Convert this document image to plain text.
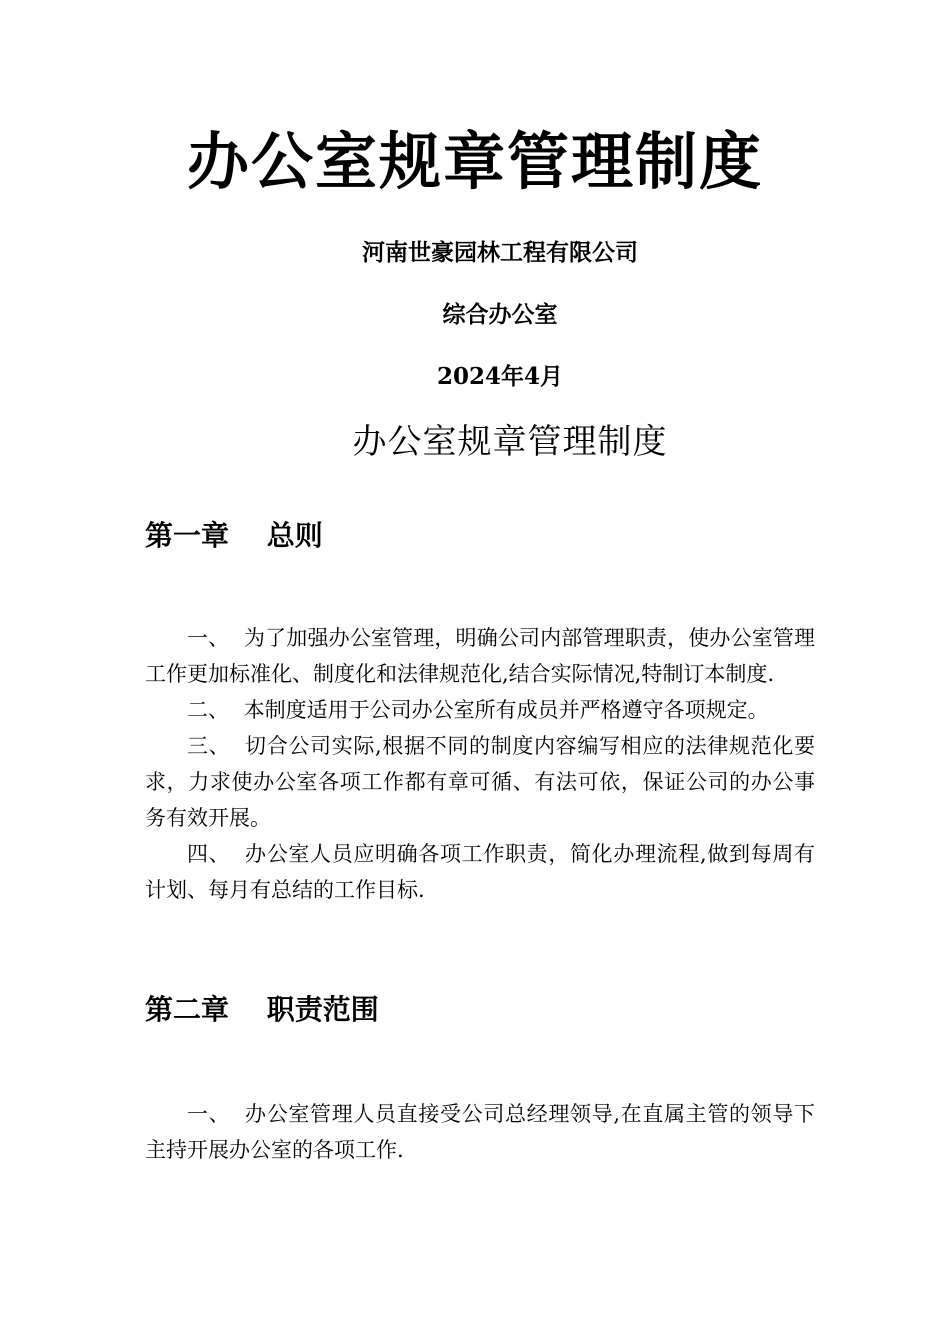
办公室规章管理制度

河南世豪园林工程有限公司

综合办公室

2024年4月

办公室规章管理制度
第一章　 总则

一、 为了加强办公室管理，明确公司内部管理职责，使办公室管理工作更加标准化、制度化和法律规范化,结合实际情况,特制订本制度.

二、 本制度适用于公司办公室所有成员并严格遵守各项规定。

三、 切合公司实际,根据不同的制度内容编写相应的法律规范化要求，力求使办公室各项工作都有章可循、有法可依，保证公司的办公事务有效开展。

四、 办公室人员应明确各项工作职责，简化办理流程,做到每周有计划、每月有总结的工作目标.

第二章　 职责范围

一、 办公室管理人员直接受公司总经理领导,在直属主管的领导下主持开展办公室的各项工作.
